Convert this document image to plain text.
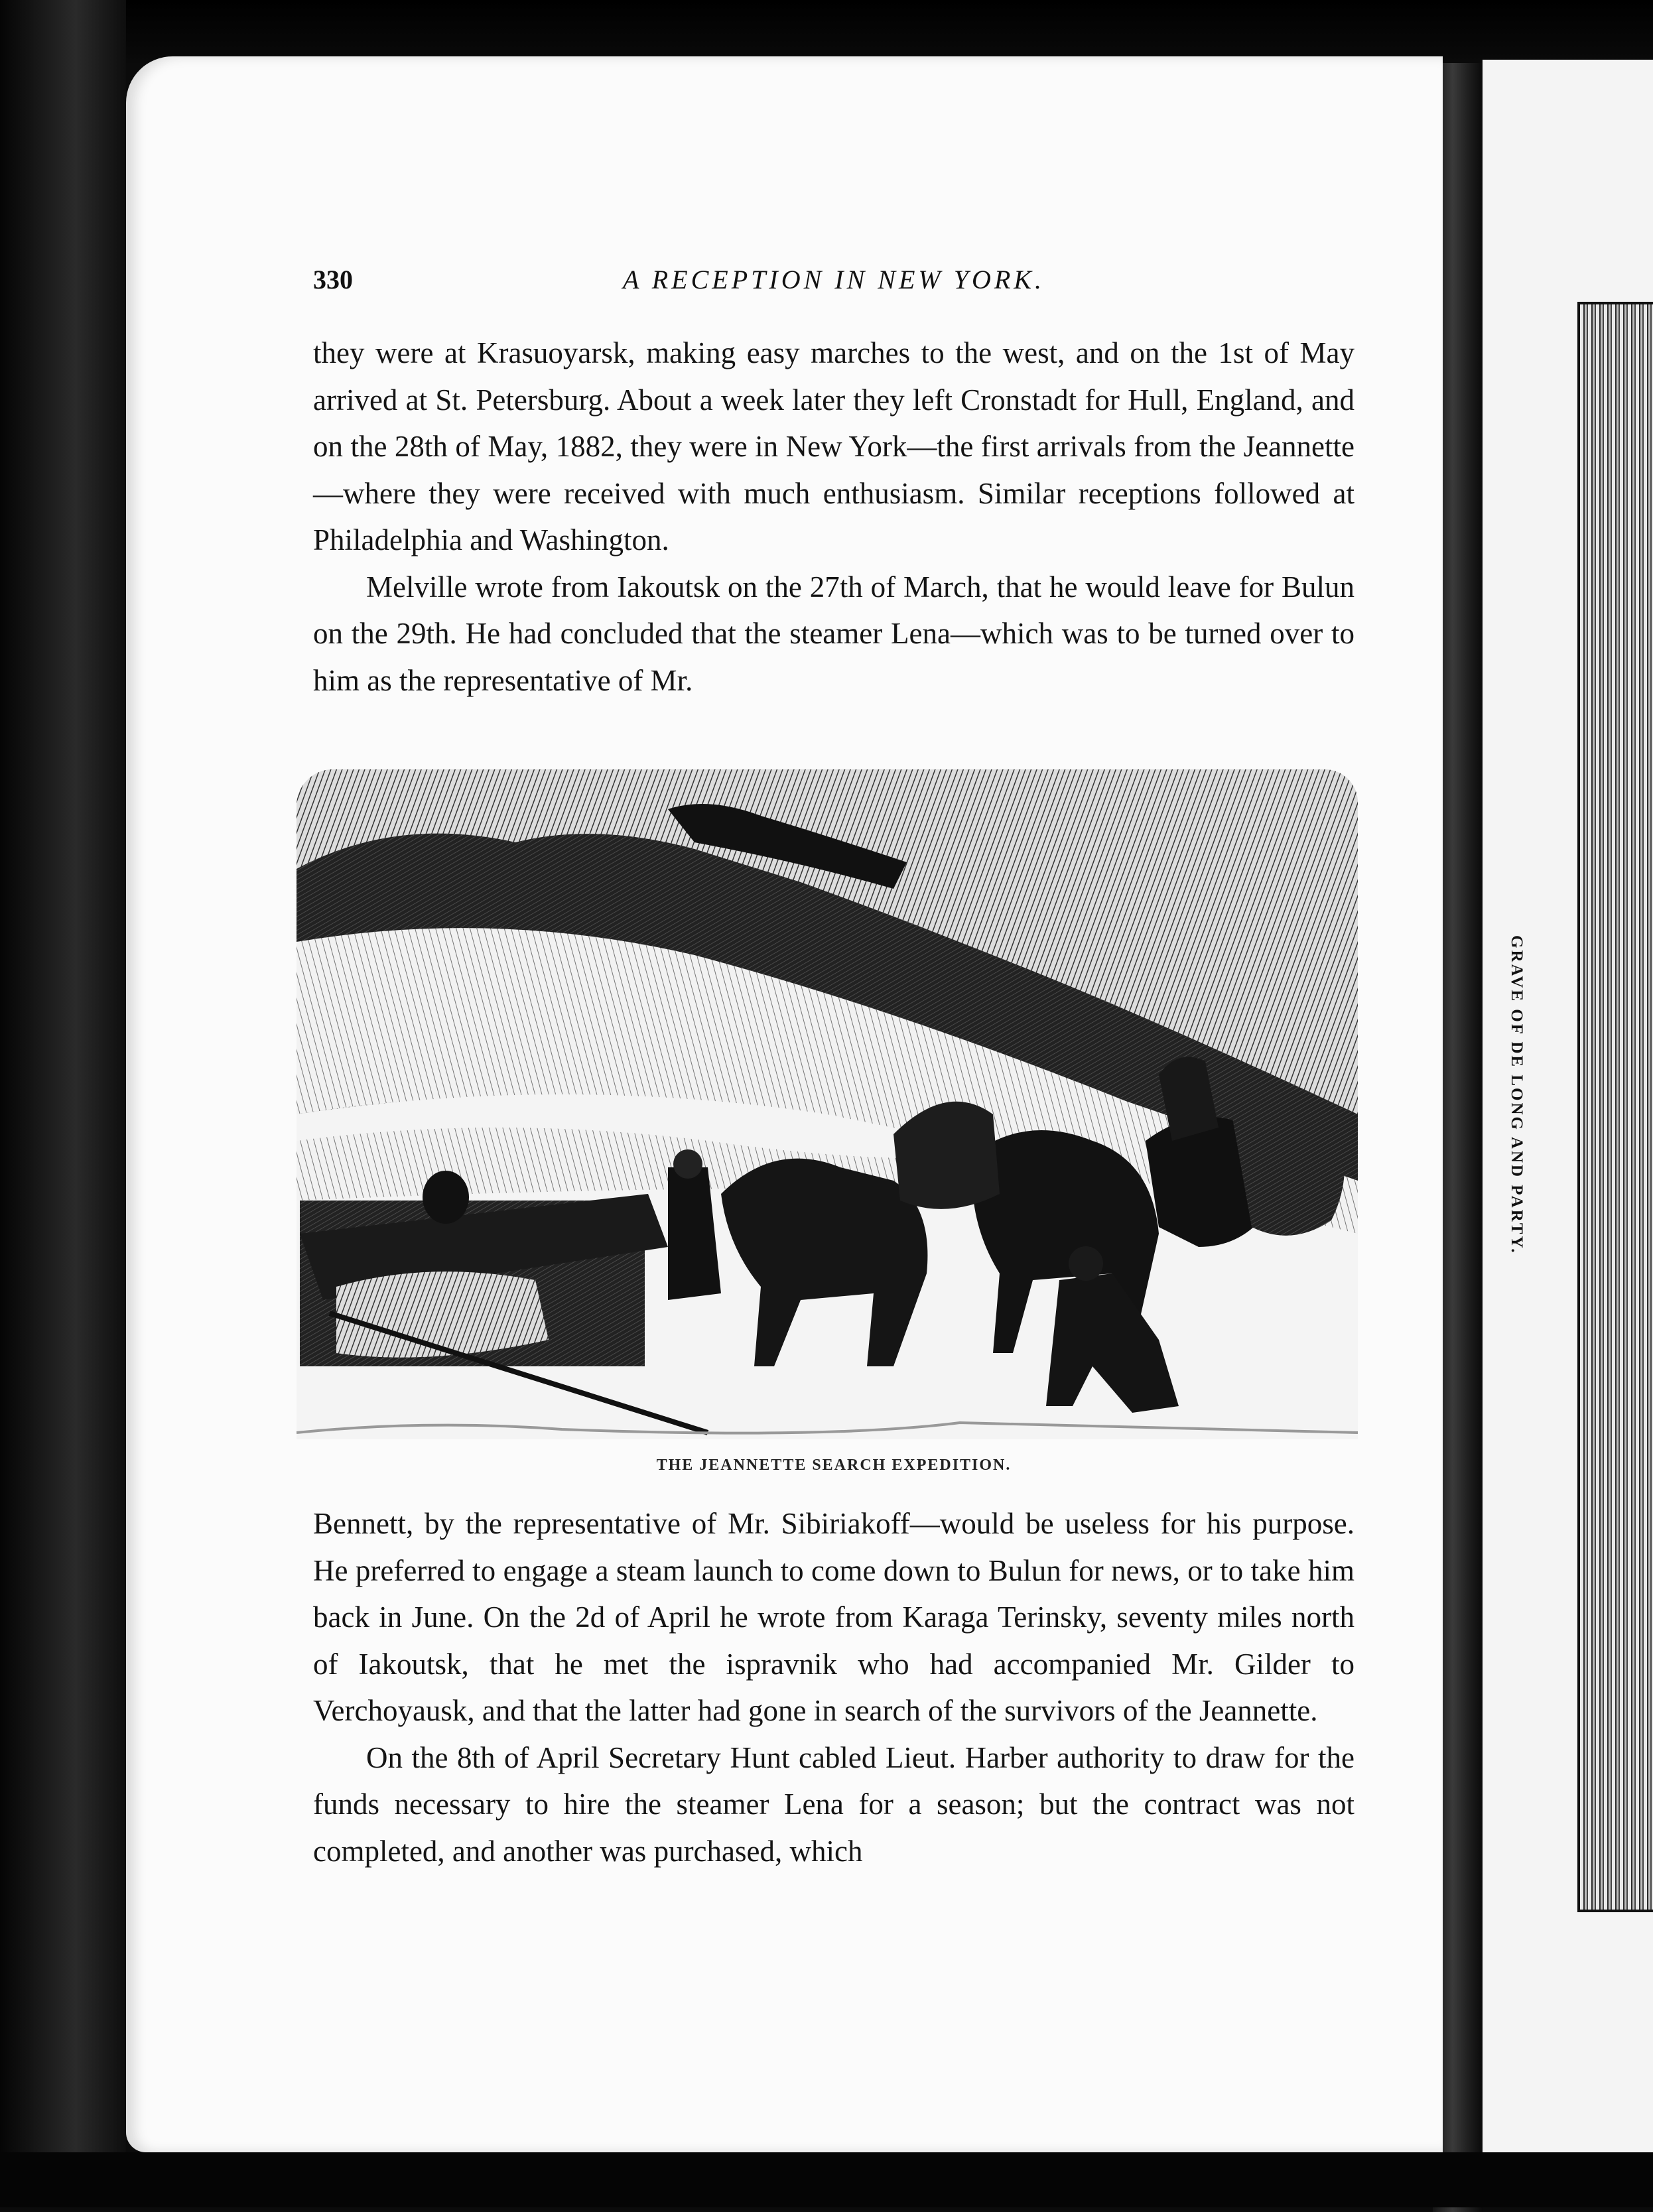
GRAVE OF DE LONG AND PARTY.
330	A RECEPTION IN NEW YORK.

they were at Krasuoyarsk, making easy marches to the west, and on the 1st of May arrived at St. Petersburg. About a week later they left Cronstadt for Hull, England, and on the 28th of May, 1882, they were in New York—the first arrivals from the Jeannette—where they were received with much enthusiasm. Similar receptions followed at Philadelphia and Washington.

Melville wrote from Iakoutsk on the 27th of March, that he would leave for Bulun on the 29th. He had concluded that the steamer Lena—which was to be turned over to him as the representative of Mr.

THE JEANNETTE SEARCH EXPEDITION.

Bennett, by the representative of Mr. Sibiriakoff—would be useless for his purpose. He preferred to engage a steam launch to come down to Bulun for news, or to take him back in June. On the 2d of April he wrote from Karaga Terinsky, seventy miles north of Iakoutsk, that he met the ispravnik who had accompanied Mr. Gilder to Verchoyausk, and that the latter had gone in search of the survivors of the Jeannette.

On the 8th of April Secretary Hunt cabled Lieut. Harber authority to draw for the funds necessary to hire the steamer Lena for a season; but the contract was not completed, and another was purchased, which
